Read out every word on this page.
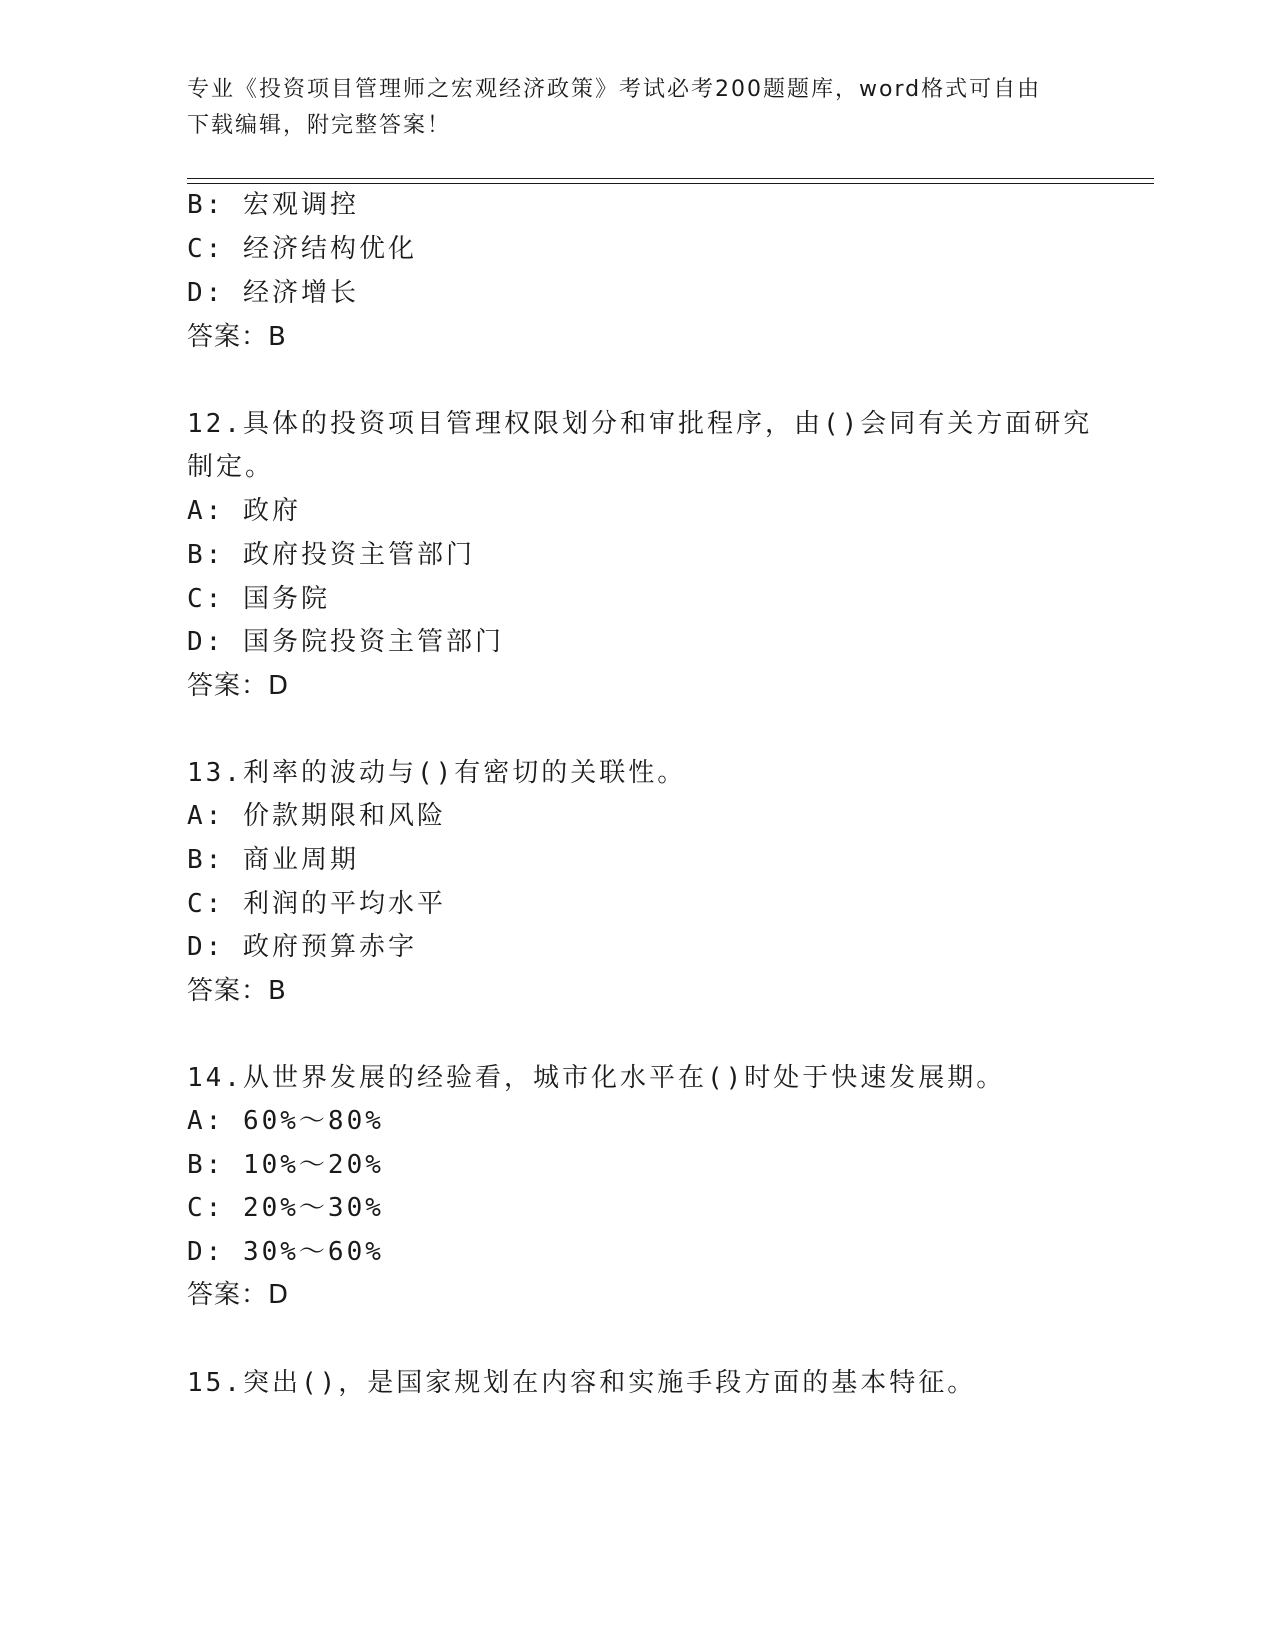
专业《投资项目管理师之宏观经济政策》考试必考200题题库，word格式可自由
下载编辑，附完整答案！
B: 宏观调控
C: 经济结构优化
D: 经济增长
答案：B
12.具体的投资项目管理权限划分和审批程序，由()会同有关方面研究
制定。
A: 政府
B: 政府投资主管部门
C: 国务院
D: 国务院投资主管部门
答案：D
13.利率的波动与()有密切的关联性。
A: 价款期限和风险
B: 商业周期
C: 利润的平均水平
D: 政府预算赤字
答案：B
14.从世界发展的经验看，城市化水平在()时处于快速发展期。
A: 60%～80%
B: 10%～20%
C: 20%～30%
D: 30%～60%
答案：D
15.突出()，是国家规划在内容和实施手段方面的基本特征。
